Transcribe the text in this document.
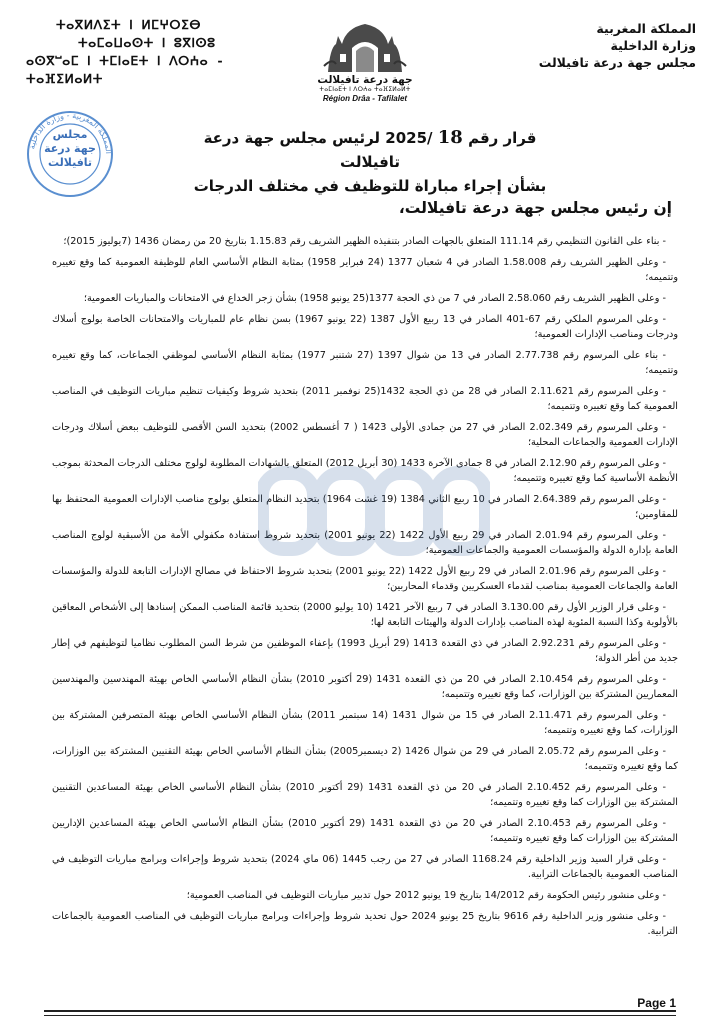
المملكة المغربية
وزارة الداخلية
مجلس جهة درعة تافيلالت
ⵜⴰⴳⵍⴷⵉⵜ ⵏ ⵍⵎⵖⵔⵉⴱ
ⵜⴰⵎⴰⵡⴰⵙⵜ ⵏ ⵓⴳⵏⵙⵓ
ⴰⵙⴳⵯⴰⵎ ⵏ ⵜⵎⵏⴰⴹⵜ ⵏ ⴷⵔⵄⴰ - ⵜⴰⴼⵉⵍⴰⵍⵜ	جهة درعة تافيلالت
ⵜⴰⵎⵏⴰⴹⵜ ⵏ ⴷⵔⵄⴰ ⵜⴰⴼⵉⵍⴰⵍⵜ
Région Drâa - Tafilalet
المملكة المغربية - وزارة الداخلية
مجلس
جهة درعة
تافيلالت
قرار رقم 18 /2025 لرئيس مجلس جهة درعة تافيلالت
بشأن إجراء مباراة للتوظيف في مختلف الدرجات
إن رئيس مجلس جهة درعة تافيلالت،

- بناء على القانون التنظيمي رقم 111.14 المتعلق بالجهات الصادر بتنفيذه الظهير الشريف رقم 1.15.83 بتاريخ 20 من رمضان 1436 (7يوليوز 2015)؛

- وعلى الظهير الشريف رقم 1.58.008 الصادر في 4 شعبان 1377 (24 فبراير 1958) بمثابة النظام الأساسي العام للوظيفة العمومية كما وقع تغييره وتتميمه؛

- وعلى الظهير الشريف رقم 2.58.060 الصادر في 7 من ذي الحجة 1377(25 يونيو 1958) بشأن زجر الخداع في الامتحانات والمباريات العمومية؛

- وعلى المرسوم الملكي رقم 67-401 الصادر في 13 ربيع الأول 1387 (22 يونيو 1967) بسن نظام عام للمباريات والامتحانات الخاصة بولوج أسلاك ودرجات ومناصب الإدارات العمومية؛

- بناء على المرسوم رقم 2.77.738 الصادر في 13 من شوال 1397 (27 شتنبر 1977) بمثابة النظام الأساسي لموظفي الجماعات، كما وقع تغييره وتتميمه؛

- وعلى المرسوم رقم 2.11.621 الصادر في 28 من ذي الحجة 1432(25 نوفمبر 2011) بتحديد شروط وكيفيات تنظيم مباريات التوظيف في المناصب العمومية كما وقع تغييره وتتميمه؛

- وعلى المرسوم رقم 2.02.349 الصادر في 27 من جمادى الأولى 1423 ( 7 أغسطس 2002) بتحديد السن الأقصى للتوظيف ببعض أسلاك ودرجات الإدارات العمومية والجماعات المحلية؛

- وعلى المرسوم رقم 2.12.90 الصادر في 8 جمادى الآخرة 1433 (30 أبريل 2012) المتعلق بالشهادات المطلوبة لولوج مختلف الدرجات المحدثة بموجب الأنظمة الأساسية كما وقع تغييره وتتميمه؛

- وعلى المرسوم رقم 2.64.389 الصادر في 10 ربيع الثاني 1384 (19 غشت 1964) بتحديد النظام المتعلق بولوج مناصب الإدارات العمومية المحتفظ بها للمقاومين؛

- وعلى المرسوم رقم 2.01.94 الصادر في 29 ربيع الأول 1422 (22 يونيو 2001) بتحديد شروط استفادة مكفولي الأمة من الأسبقية لولوج المناصب العامة بإدارة الدولة والمؤسسات العمومية والجماعات العمومية؛

- وعلى المرسوم رقم 2.01.96 الصادر في 29 ربيع الأول 1422 (22 يونيو 2001) بتحديد شروط الاحتفاظ في مصالح الإدارات التابعة للدولة والمؤسسات العامة والجماعات العمومية بمناصب لقدماء العسكريين وقدماء المحاربين؛

- وعلى قرار الوزير الأول رقم 3.130.00 الصادر في 7 ربيع الآخر 1421 (10 يوليو 2000) بتحديد قائمة المناصب الممكن إسنادها إلى الأشخاص المعاقين بالأولوية وكذا النسبة المئوية لهذه المناصب بإدارات الدولة والهيئات التابعة لها؛

- وعلى المرسوم رقم 2.92.231 الصادر في ذي القعدة 1413 (29 أبريل 1993) بإعفاء الموظفين من شرط السن المطلوب نظاميا لتوظيفهم في إطار جديد من أطر الدولة؛

- وعلى المرسوم رقم 2.10.454 الصادر في 20 من ذي القعدة 1431 (29 أكتوبر 2010) بشأن النظام الأساسي الخاص بهيئة المهندسين والمهندسين المعماريين المشتركة بين الوزارات، كما وقع تغييره وتتميمه؛

- وعلى المرسوم رقم 2.11.471 الصادر في 15 من شوال 1431 (14 سبتمبر 2011) بشأن النظام الأساسي الخاص بهيئة المتصرفين المشتركة بين الوزارات، كما وقع تغييره وتتميمه؛

- وعلى المرسوم رقم 2.05.72 الصادر في 29 من شوال 1426 (2 ديسمبر2005) بشأن النظام الأساسي الخاص بهيئة التقنيين المشتركة بين الوزارات، كما وقع تغييره وتتميمه؛

- وعلى المرسوم رقم 2.10.452 الصادر في 20 من ذي القعدة 1431 (29 أكتوبر 2010) بشأن النظام الأساسي الخاص بهيئة المساعدين التقنيين المشتركة بين الوزارات كما وقع تغييره وتتميمه؛

- وعلى المرسوم رقم 2.10.453 الصادر في 20 من ذي القعدة 1431 (29 أكتوبر 2010) بشأن النظام الأساسي الخاص بهيئة المساعدين الإداريين المشتركة بين الوزارات كما وقع تغييره وتتميمه؛

- وعلى قرار السيد وزير الداخلية رقم 1168.24 الصادر في 27 من رجب 1445 (06 ماي 2024) بتحديد شروط وإجراءات وبرامج مباريات التوظيف في المناصب العمومية بالجماعات الترابية.

- وعلى منشور رئيس الحكومة رقم 14/2012 بتاريخ 19 يونيو 2012 حول تدبير مباريات التوظيف في المناصب العمومية؛

- وعلى منشور وزير الداخلية رقم 9616 بتاريخ 25 يونيو 2024 حول تحديد شروط وإجراءات وبرامج مباريات التوظيف في المناصب العمومية بالجماعات الترابية.

Page 1
